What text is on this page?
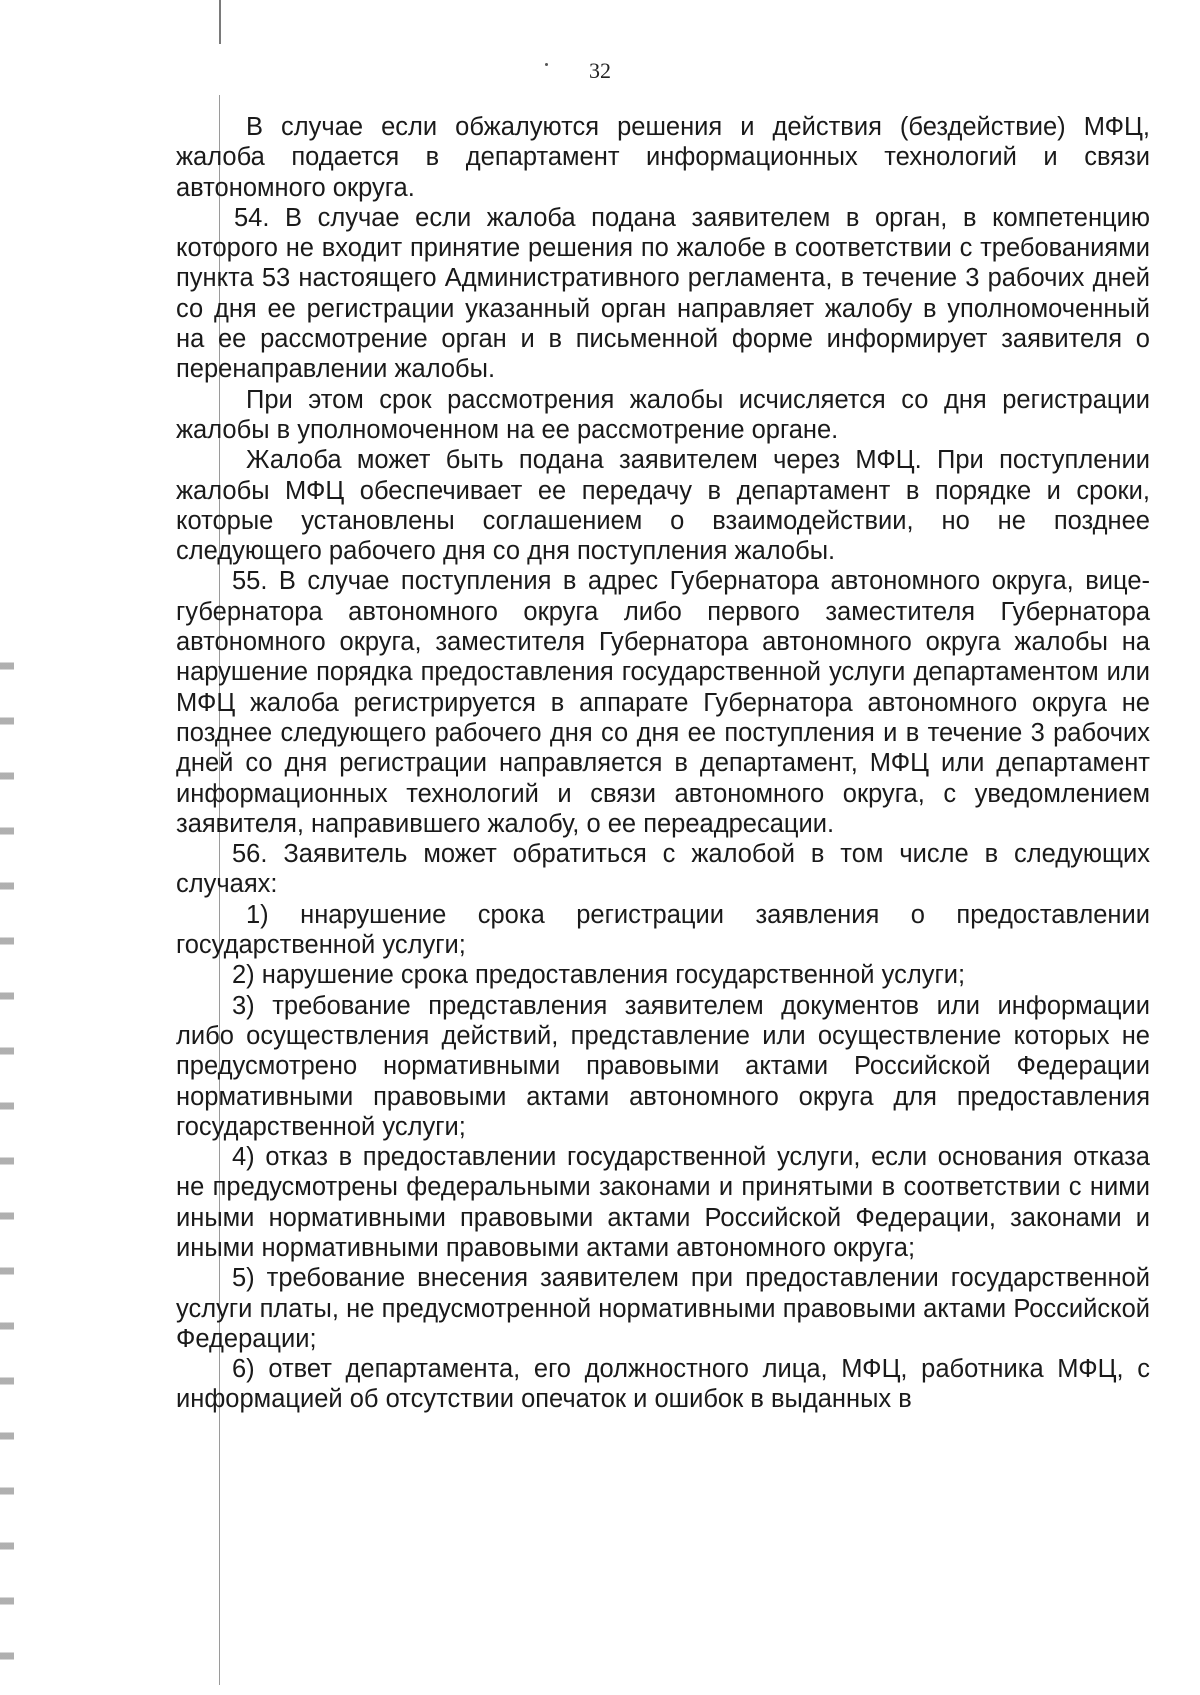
32

В случае если обжалуются решения и действия (бездействие) МФЦ, жалоба подается в департамент информационных технологий и связи автономного округа.

54. В случае если жалоба подана заявителем в орган, в компетенцию которого не входит принятие решения по жалобе в соответствии с требованиями пункта 53 настоящего Административного регламента, в течение 3 рабочих дней со дня ее регистрации указанный орган направляет жалобу в уполномоченный на ее рассмотрение орган и в письменной форме информирует заявителя о перенаправлении жалобы.

При этом срок рассмотрения жалобы исчисляется со дня регистрации жалобы в уполномоченном на ее рассмотрение органе.

Жалоба может быть подана заявителем через МФЦ. При поступлении жалобы МФЦ обеспечивает ее передачу в департамент в порядке и сроки, которые установлены соглашением о взаимодействии, но не позднее следующего рабочего дня со дня поступления жалобы.

55. В случае поступления в адрес Губернатора автономного округа, вице-губернатора автономного округа либо первого заместителя Губернатора автономного округа, заместителя Губернатора автономного округа жалобы на нарушение порядка предоставления государственной услуги департаментом или МФЦ жалоба регистрируется в аппарате Губернатора автономного округа не позднее следующего рабочего дня со дня ее поступления и в течение 3 рабочих дней со дня регистрации направляется в департамент, МФЦ или департамент информационных технологий и связи автономного округа, с уведомлением заявителя, направившего жалобу, о ее переадресации.

56. Заявитель может обратиться с жалобой в том числе в следующих случаях:

1) ннарушение срока регистрации заявления о предоставлении государственной услуги;

2) нарушение срока предоставления государственной услуги;

3) требование представления заявителем документов или информации либо осуществления действий, представление или осуществление которых не предусмотрено нормативными правовыми актами Российской Федерации нормативными правовыми актами автономного округа для предоставления государственной услуги;

4) отказ в предоставлении государственной услуги, если основания отказа не предусмотрены федеральными законами и принятыми в соответствии с ними иными нормативными правовыми актами Российской Федерации, законами и иными нормативными правовыми актами автономного округа;

5) требование внесения заявителем при предоставлении государственной услуги платы, не предусмотренной нормативными правовыми актами Российской Федерации;

6) ответ департамента, его должностного лица, МФЦ, работника МФЦ, с информацией об отсутствии опечаток и ошибок в выданных в
